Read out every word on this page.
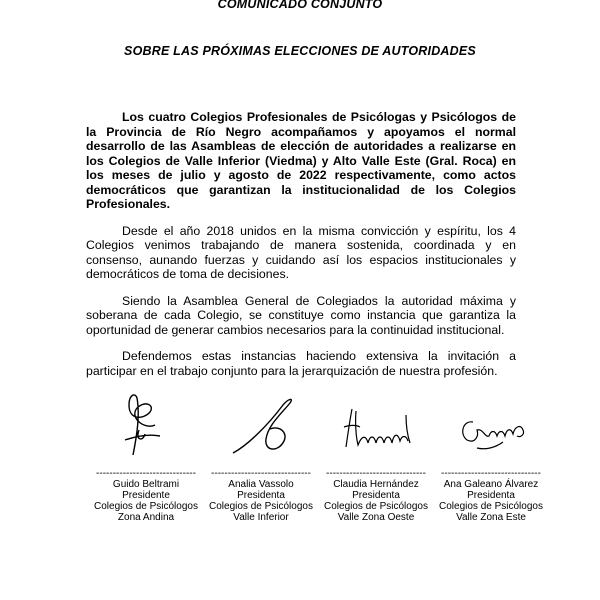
COMUNICADO CONJUNTO
SOBRE LAS PRÓXIMAS ELECCIONES DE AUTORIDADES

Los cuatro Colegios Profesionales de Psicólogas y Psicólogos de la Provincia de Río Negro acompañamos y apoyamos el normal desarrollo de las Asambleas de elección de autoridades a realizarse en los Colegios de Valle Inferior (Viedma) y Alto Valle Este (Gral. Roca) en los meses de julio y agosto de 2022 respectivamente, como actos democráticos que garantizan la institucionalidad de los Colegios Profesionales.

Desde el año 2018 unidos en la misma convicción y espíritu, los 4 Colegios venimos trabajando de manera sostenida, coordinada y en consenso, aunando fuerzas y cuidando así los espacios institucionales y democráticos de toma de decisiones.

Siendo la Asamblea General de Colegiados la autoridad máxima y soberana de cada Colegio, se constituye como instancia que garantiza la oportunidad de generar cambios necesarios para la continuidad institucional.

Defendemos estas instancias haciendo extensiva la invitación a participar en el trabajo conjunto para la jerarquización de nuestra profesión.

------------------------------
Guido Beltrami
Presidente
Colegios de Psicólogos
Zona Andina
------------------------------
Analia Vassolo
Presidenta
Colegios de Psicólogos
Valle Inferior
------------------------------
Claudia Hernández
Presidenta
Colegios de Psicólogos
Valle Zona Oeste
------------------------------
Ana Galeano Álvarez
Presidenta
Colegios de Psicólogos
Valle Zona Este
